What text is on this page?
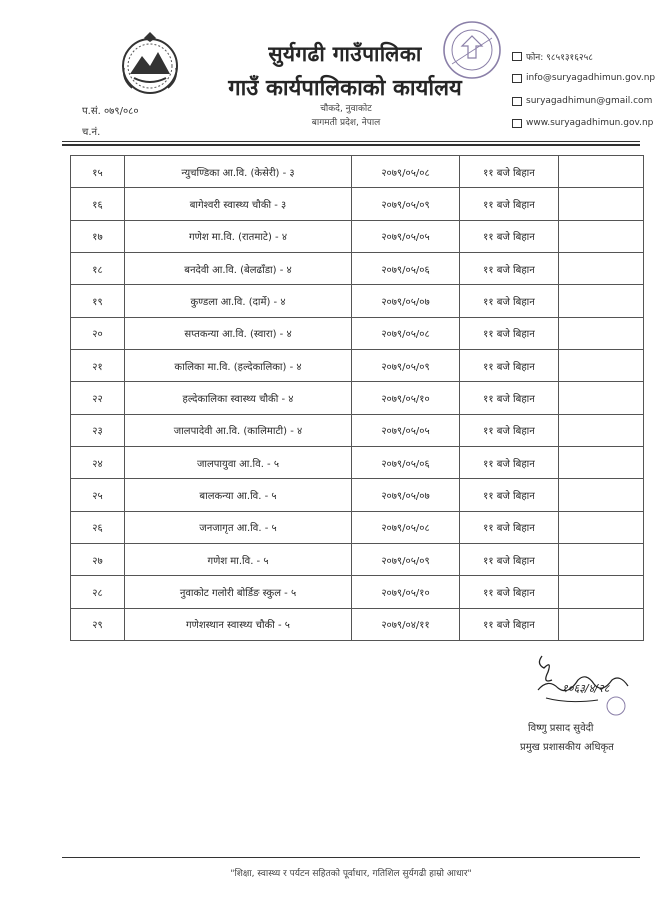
सुर्यगढी गाउँपालिका
गाउँ कार्यपालिकाको कार्यालय
चौकदे, नुवाकोट
बागमती प्रदेश, नेपाल
प.सं. ०७९/०८०
च.नं.
फोन: ९८५१३१६२५८
info@suryagadhimun.gov.np
suryagadhimun@gmail.com
www.suryagadhimun.gov.np
१५	न्युचण्डिका आ.वि. (केसेरी) - ३	२०७९/०५/०८	११ बजे बिहान	
१६	बागेश्वरी स्वास्थ्य चौकी - ३	२०७९/०५/०९	११ बजे बिहान	
१७	गणेश मा.वि. (रातमाटे) - ४	२०७९/०५/०५	११ बजे बिहान	
१८	बनदेवी आ.वि. (बेलढाँडा) - ४	२०७९/०५/०६	११ बजे बिहान	
१९	कुण्डला आ.वि. (दार्मे) - ४	२०७९/०५/०७	११ बजे बिहान	
२०	सप्तकन्या आ.वि. (स्वारा) - ४	२०७९/०५/०८	११ बजे बिहान	
२१	कालिका मा.वि. (हल्देकालिका) - ४	२०७९/०५/०९	११ बजे बिहान	
२२	हल्देकालिका स्वास्थ्य चौकी - ४	२०७९/०५/१०	११ बजे बिहान	
२३	जालपादेवी आ.वि. (कालिमाटी) - ४	२०७९/०५/०५	११ बजे बिहान	
२४	जालपायुवा आ.वि. - ५	२०७९/०५/०६	११ बजे बिहान	
२५	बालकन्या आ.वि. - ५	२०७९/०५/०७	११ बजे बिहान	
२६	जनजागृत आ.वि. - ५	२०७९/०५/०८	११ बजे बिहान	
२७	गणेश मा.वि. - ५	२०७९/०५/०९	११ बजे बिहान	
२८	नुवाकोट गलोरी बोर्डिङ स्कुल - ५	२०७९/०५/१०	११ बजे बिहान	
२९	गणेशस्थान स्वास्थ्य चौकी - ५	२०७९/०४/११	११ बजे बिहान	
१०६३/४/२८
विष्णु प्रसाद सुवेदी
प्रमुख प्रशासकीय अधिकृत
"शिक्षा, स्वास्थ्य र पर्यटन सहितको पूर्वाधार, गतिशिल सुर्यगढी हाम्रो आधार"
